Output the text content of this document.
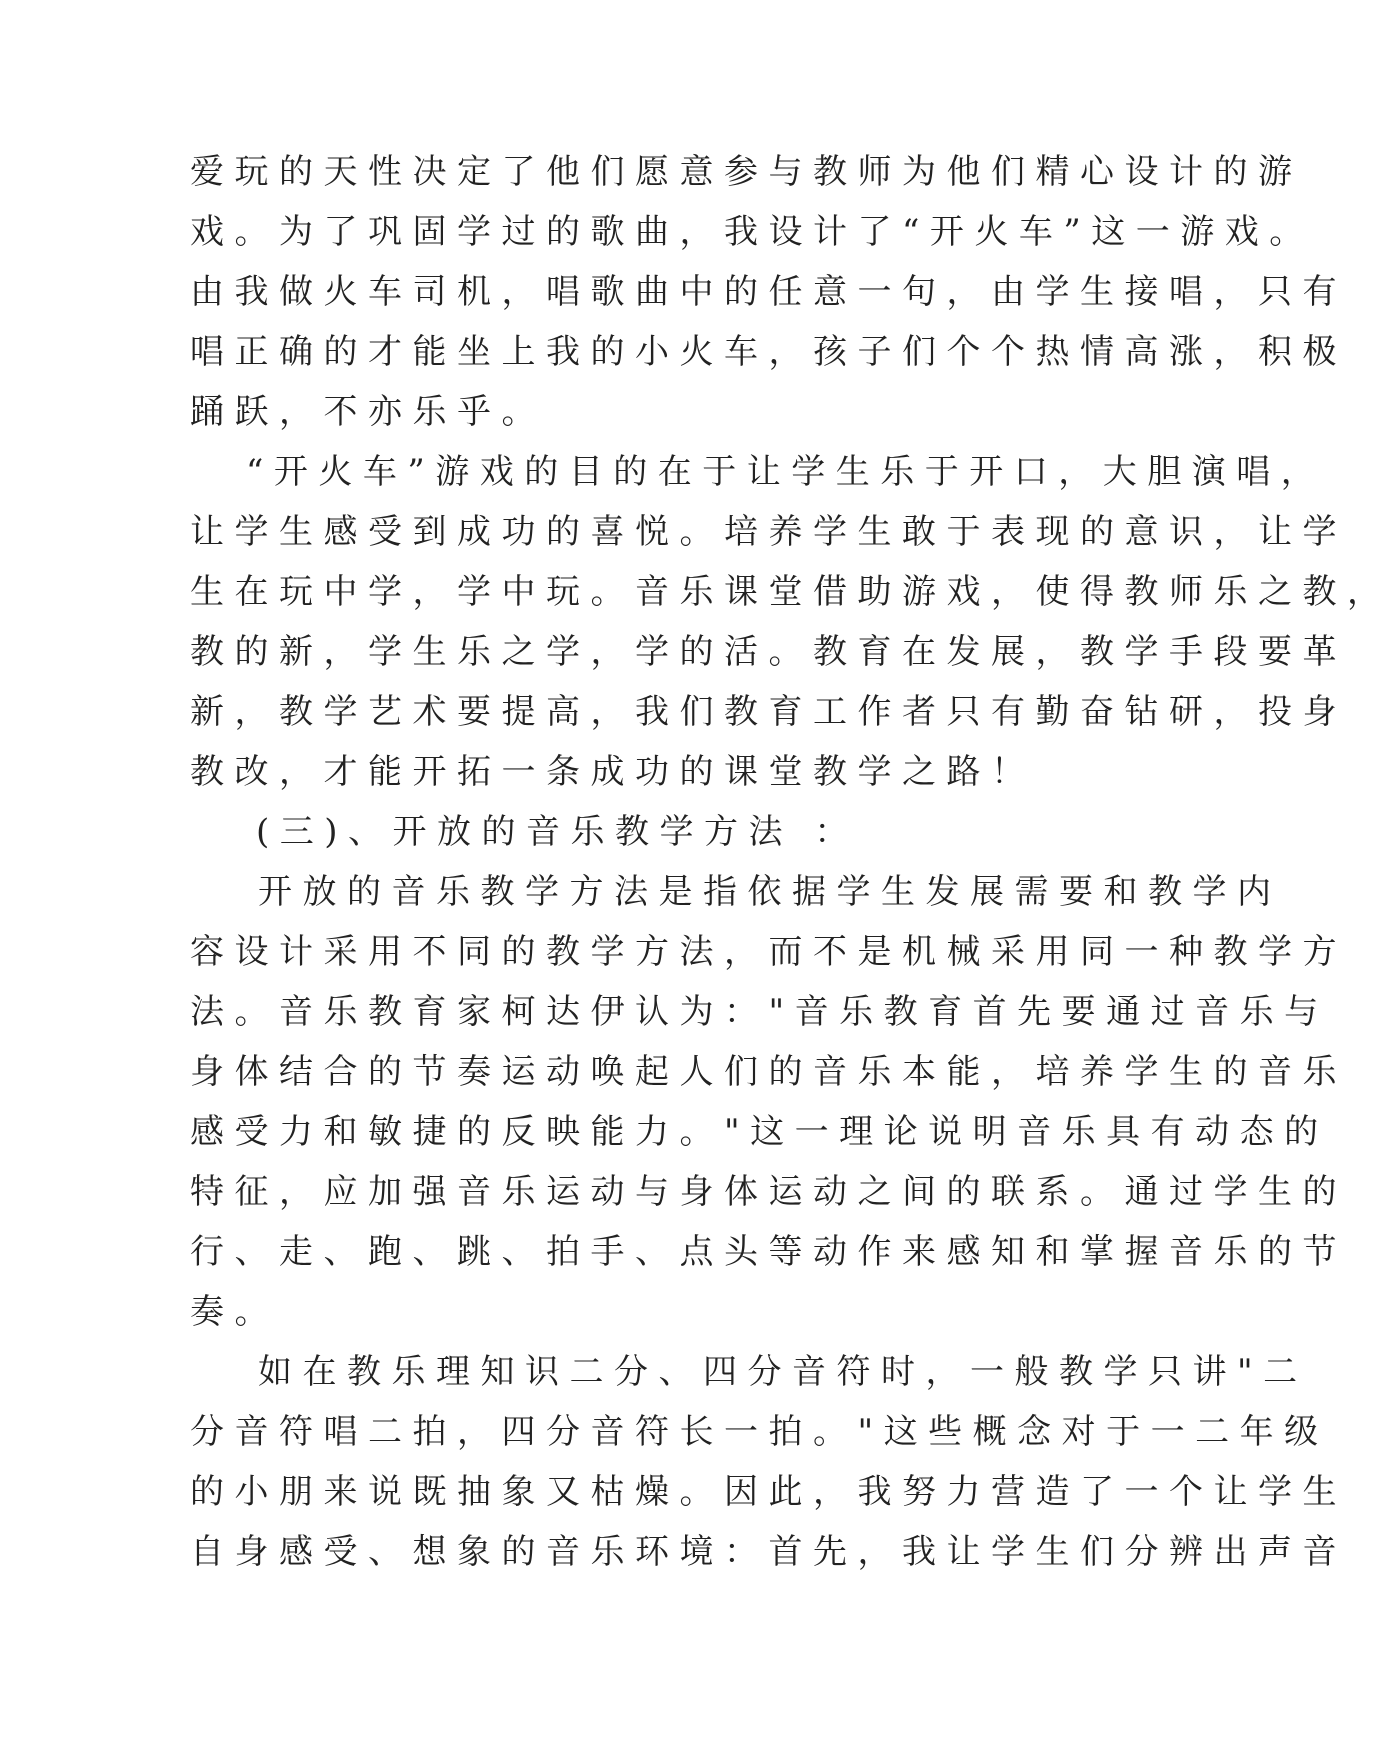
爱玩的天性决定了他们愿意参与教师为他们精心设计的游
戏。为了巩固学过的歌曲，我设计了“开火车”这一游戏。
由我做火车司机，唱歌曲中的任意一句，由学生接唱，只有
唱正确的才能坐上我的小火车，孩子们个个热情高涨，积极
踊跃，不亦乐乎。
“开火车”游戏的目的在于让学生乐于开口，大胆演唱，
让学生感受到成功的喜悦。培养学生敢于表现的意识，让学
生在玩中学，学中玩。音乐课堂借助游戏，使得教师乐之教，
教的新，学生乐之学，学的活。教育在发展，教学手段要革
新，教学艺术要提高，我们教育工作者只有勤奋钻研，投身
教改，才能开拓一条成功的课堂教学之路！
(三)、开放的音乐教学方法 ：
开放的音乐教学方法是指依据学生发展需要和教学内
容设计采用不同的教学方法，而不是机械采用同一种教学方
法。音乐教育家柯达伊认为："音乐教育首先要通过音乐与
身体结合的节奏运动唤起人们的音乐本能，培养学生的音乐
感受力和敏捷的反映能力。"这一理论说明音乐具有动态的
特征，应加强音乐运动与身体运动之间的联系。通过学生的
行、走、跑、跳、拍手、点头等动作来感知和掌握音乐的节
奏。
如在教乐理知识二分、四分音符时，一般教学只讲"二
分音符唱二拍，四分音符长一拍。"这些概念对于一二年级
的小朋来说既抽象又枯燥。因此，我努力营造了一个让学生
自身感受、想象的音乐环境：首先，我让学生们分辨出声音
